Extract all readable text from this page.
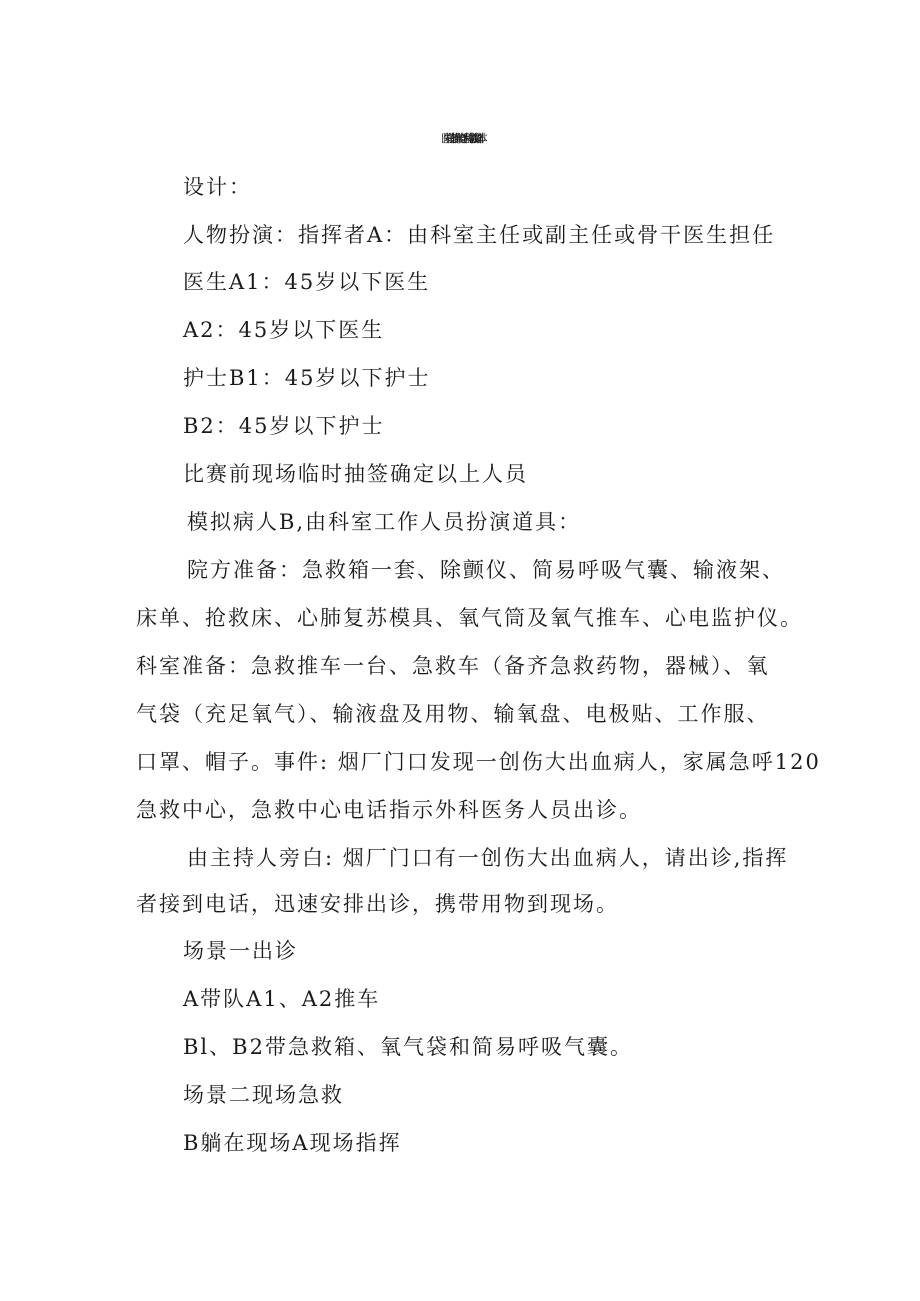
医院技能节操作比赛手术科室急救演练脚本
设计：
人物扮演：指挥者A：由科室主任或副主任或骨干医生担任
医生A1：45岁以下医生
A2：45岁以下医生
护士B1：45岁以下护士
B2：45岁以下护士
比赛前现场临时抽签确定以上人员
模拟病人B,由科室工作人员扮演道具：
院方准备：急救箱一套、除颤仪、简易呼吸气囊、输液架、
床单、抢救床、心肺复苏模具、氧气筒及氧气推车、心电监护仪。
科室准备：急救推车一台、急救车（备齐急救药物，器械）、氧
气袋（充足氧气）、输液盘及用物、输氧盘、电极贴、工作服、
口罩、帽子。事件: 烟厂门口发现一创伤大出血病人，家属急呼120
急救中心，急救中心电话指示外科医务人员出诊。
由主持人旁白: 烟厂门口有一创伤大出血病人，请出诊,指挥
者接到电话，迅速安排出诊，携带用物到现场。
场景一出诊
A带队A1、A2推车
Bl、B2带急救箱、氧气袋和简易呼吸气囊。
场景二现场急救
B躺在现场A现场指挥
